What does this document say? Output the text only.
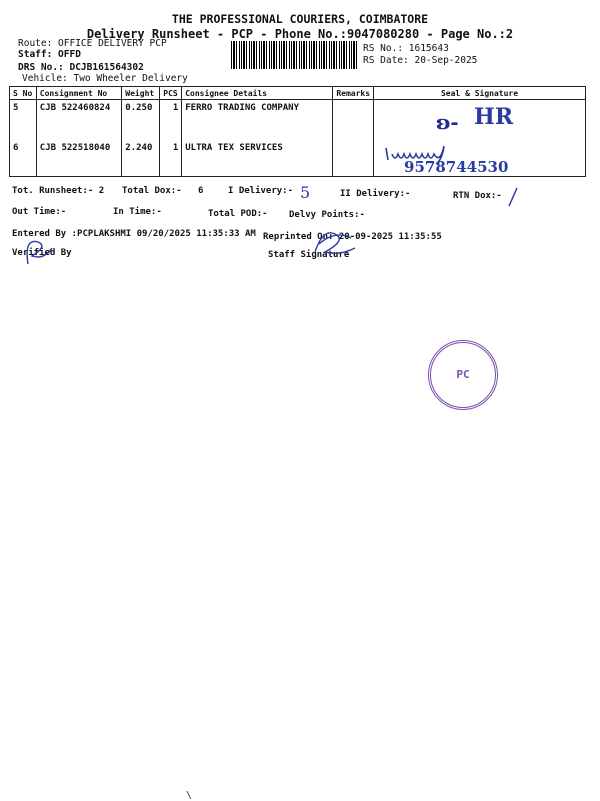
THE PROFESSIONAL COURIERS, COIMBATORE
Delivery Runsheet - PCP - Phone No.:9047080280 - Page No.:2
Route: OFFICE DELIVERY PCP
Staff: OFFD
DRS No.: DCJB161564302
Vehicle: Two Wheeler Delivery
RS No.: 1615643
RS Date: 20-Sep-2025
S No	Consignment No	Weight	PCS	Consignee Details	Remarks	Seal & Signature
5	CJB 522460824	0.250	1	FERRO TRADING COMPANY		ʚ‑ HR

6	CJB 522518040	2.240	1	ULTRA TEX SERVICES		9578744530
Tot. Runsheet:- 2 Total Dox:- 6	I Delivery:- 5	II Delivery:-	RTN Dox:-
Out Time:-	In Time:-	Total POD:- Delvy Points:-
Entered By :PCPLAKSHMI 09/20/2025 11:35:33 AM Reprinted On: 20-09-2025 11:35:55
Verified By	Staff Signature
PC
\
